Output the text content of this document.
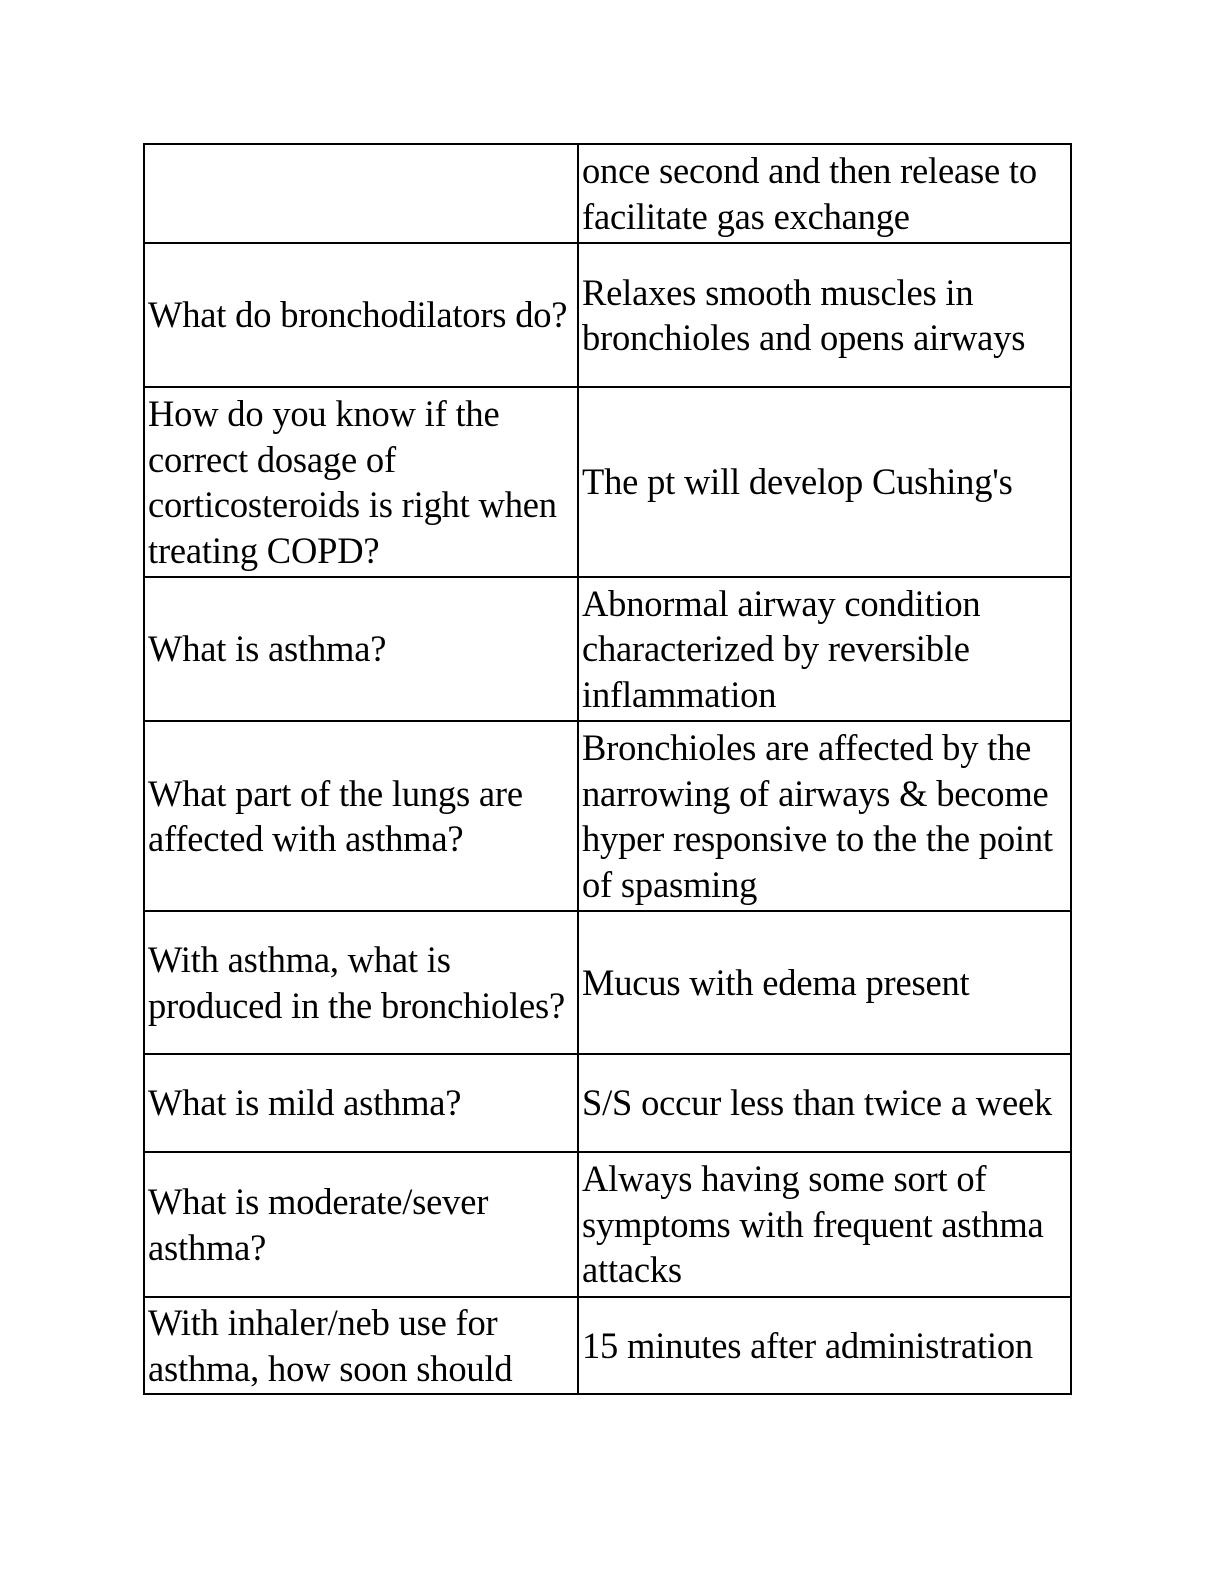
	once second and then release to facilitate gas exchange
What do bronchodilators do?	Relaxes smooth muscles in bronchioles and opens airways
How do you know if the correct dosage of corticosteroids is right when treating COPD?	The pt will develop Cushing's
What is asthma?	Abnormal airway condition characterized by reversible inflammation
What part of the lungs are affected with asthma?	Bronchioles are affected by the narrowing of airways & become hyper responsive to the the point of spasming
With asthma, what is produced in the bronchioles?	Mucus with edema present
What is mild asthma?	S/S occur less than twice a week
What is moderate/sever asthma?	Always having some sort of symptoms with frequent asthma attacks
With inhaler/neb use for asthma, how soon should	15 minutes after administration
